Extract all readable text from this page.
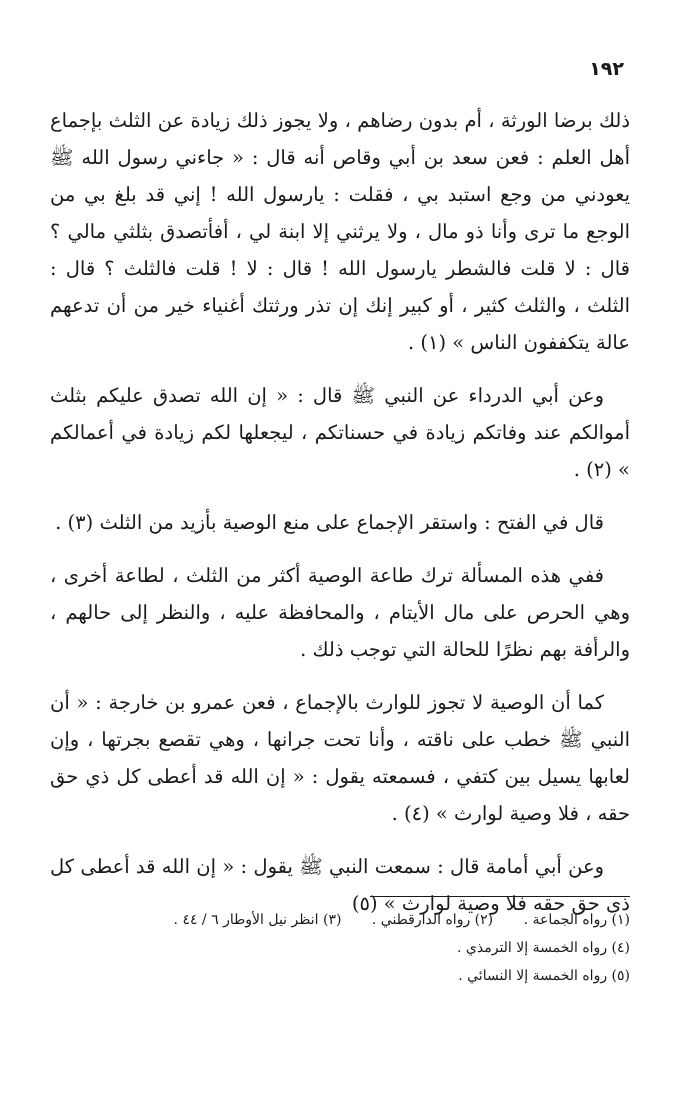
١٩٢

ذلك برضا الورثة ، أم بدون رضاهم ، ولا يجوز ذلك زيادة عن الثلث بإجماع أهل العلم : فعن سعد بن أبي وقاص أنه قال : « جاءني رسول الله ﷺ يعودني من وجع استبد بي ، فقلت : يارسول الله ! إني قد بلغ بي من الوجع ما ترى وأنا ذو مال ، ولا يرثني إلا ابنة لي ، أفأتصدق بثلثي مالي ؟ قال : لا قلت فالشطر يارسول الله ! قال : لا ! قلت فالثلث ؟ قال : الثلث ، والثلث كثير ، أو كبير إنك إن تذر ورثتك أغنياء خير من أن تدعهم عالة يتكففون الناس » (١) .

وعن أبي الدرداء عن النبي ﷺ قال : « إن الله تصدق عليكم بثلث أموالكم عند وفاتكم زيادة في حسناتكم ، ليجعلها لكم زيادة في أعمالكم » (٢) .

قال في الفتح : واستقر الإجماع على منع الوصية بأزيد من الثلث (٣) .

ففي هذه المسألة ترك طاعة الوصية أكثر من الثلث ، لطاعة أخرى ، وهي الحرص على مال الأيتام ، والمحافظة عليه ، والنظر إلى حالهم ، والرأفة بهم نظرًا للحالة التي توجب ذلك .

كما أن الوصية لا تجوز للوارث بالإجماع ، فعن عمرو بن خارجة : « أن النبي ﷺ خطب على ناقته ، وأنا تحت جرانها ، وهي تقصع بجرتها ، وإن لعابها يسيل بين كتفي ، فسمعته يقول : « إن الله قد أعطى كل ذي حق حقه ، فلا وصية لوارث » (٤) .

وعن أبي أمامة قال : سمعت النبي ﷺ يقول : « إن الله قد أعطى كل ذى حق حقه فلا وصية لوارث » (٥)

(١) رواه الجماعة . (٢) رواه الدارقطني . (٣) انظر نيل الأوطار ٦ / ٤٤ .
(٤) رواه الخمسة إلا الترمذي .
(٥) رواه الخمسة إلا النسائي .
